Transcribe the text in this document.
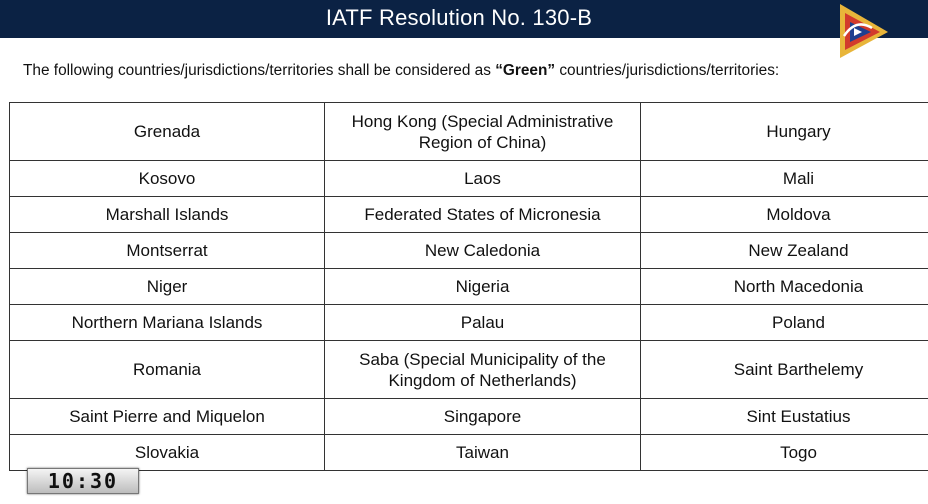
IATF Resolution No. 130-B
The following countries/jurisdictions/territories shall be considered as “Green” countries/jurisdictions/territories:
Grenada	Hong Kong (Special Administrative Region of China)	Hungary
Kosovo	Laos	Mali
Marshall Islands	Federated States of Micronesia	Moldova
Montserrat	New Caledonia	New Zealand
Niger	Nigeria	North Macedonia
Northern Mariana Islands	Palau	Poland
Romania	Saba (Special Municipality of the Kingdom of Netherlands)	Saint Barthelemy
Saint Pierre and Miquelon	Singapore	Sint Eustatius
Slovakia	Taiwan	Togo
10:30
